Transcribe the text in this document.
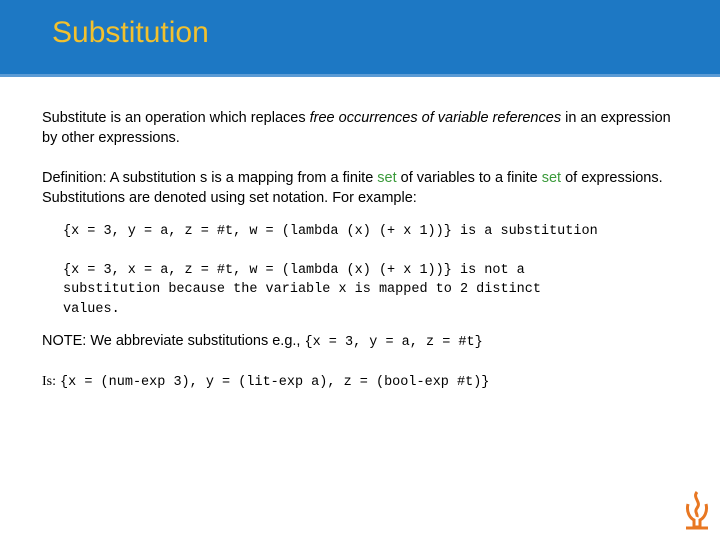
Substitution

Substitute is an operation which replaces free occurrences of variable references in an expression by other expressions.

Definition: A substitution s is a mapping from a finite set of variables to a finite set of expressions. Substitutions are denoted using set notation. For example:

{x = 3, y = a, z = #t, w = (lambda (x) (+ x 1))} is a substitution
{x = 3, x = a, z = #t, w = (lambda (x) (+ x 1))} is not a
substitution because the variable x is mapped to 2 distinct
values.

NOTE: We abbreviate substitutions e.g., {x = 3, y = a, z = #t}

Is: {x = (num-exp 3), y = (lit-exp a), z = (bool-exp #t)}
